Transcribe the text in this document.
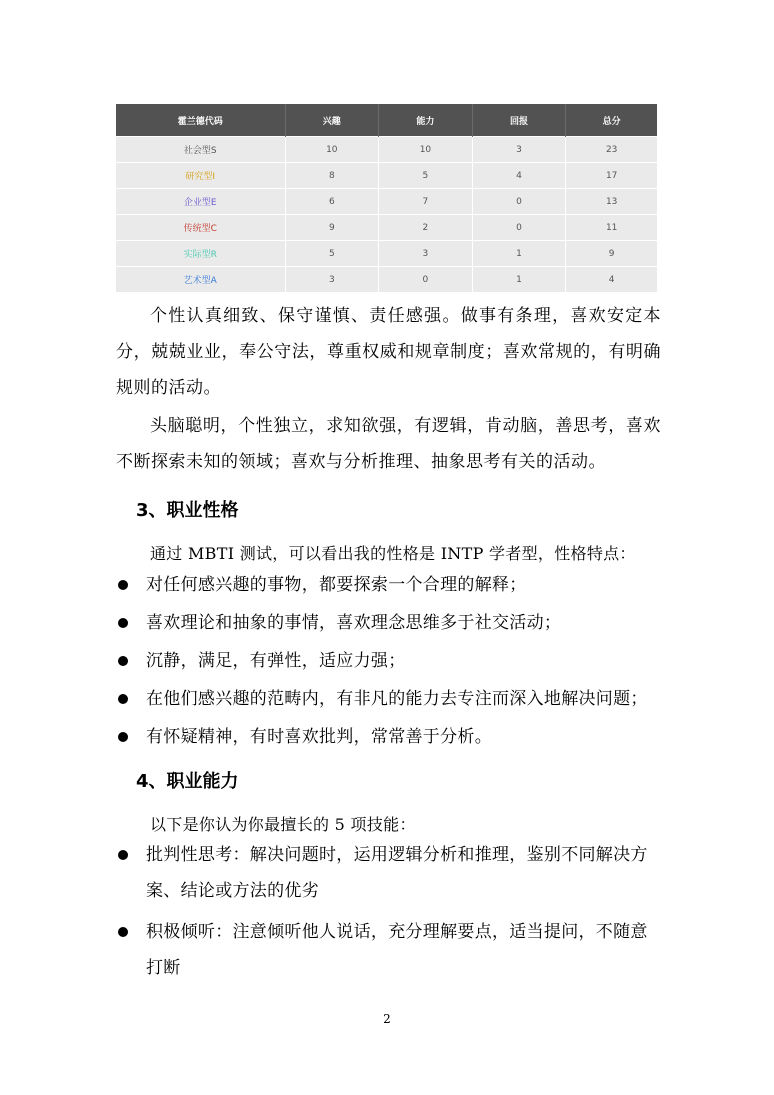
霍兰德代码	兴趣	能力	回报	总分
社会型S	10	10	3	23
研究型I	8	5	4	17
企业型E	6	7	0	13
传统型C	9	2	0	11
实际型R	5	3	1	9
艺术型A	3	0	1	4

个性认真细致、保守谨慎、责任感强。做事有条理，喜欢安定本分，兢兢业业，奉公守法，尊重权威和规章制度；喜欢常规的，有明确规则的活动。

头脑聪明，个性独立，求知欲强，有逻辑，肯动脑，善思考，喜欢不断探索未知的领域；喜欢与分析推理、抽象思考有关的活动。

3、职业性格

通过 MBTI 测试，可以看出我的性格是 INTP 学者型，性格特点：

对任何感兴趣的事物，都要探索一个合理的解释；
喜欢理论和抽象的事情，喜欢理念思维多于社交活动；
沉静，满足，有弹性，适应力强；
在他们感兴趣的范畴内，有非凡的能力去专注而深入地解决问题；
有怀疑精神，有时喜欢批判，常常善于分析。
4、职业能力

以下是你认为你最擅长的 5 项技能：

批判性思考：解决问题时，运用逻辑分析和推理，鉴别不同解决方案、结论或方法的优劣
积极倾听：注意倾听他人说话，充分理解要点，适当提问，不随意打断
2
